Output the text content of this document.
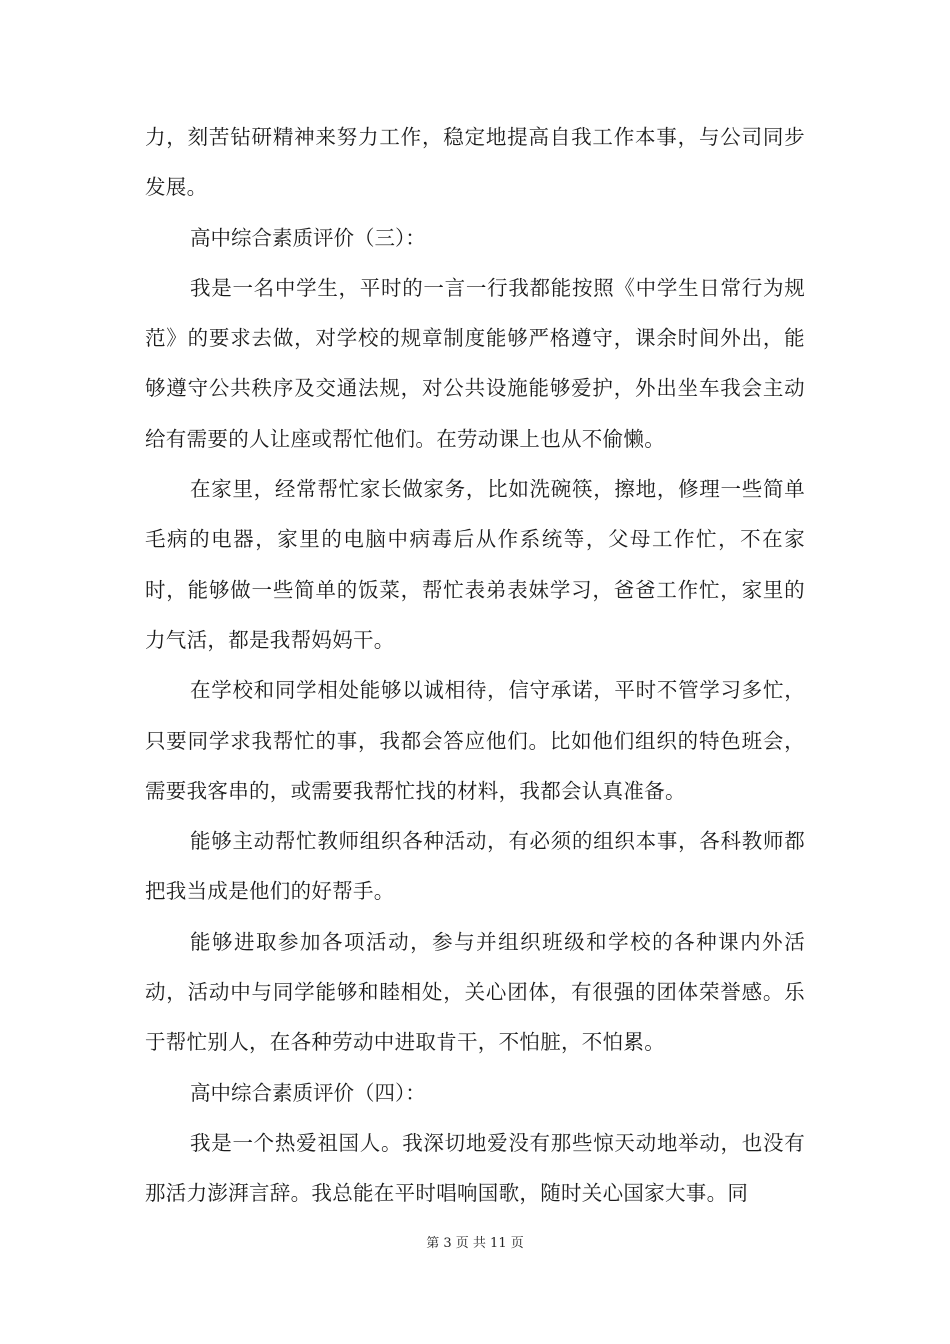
力，刻苦钻研精神来努力工作，稳定地提高自我工作本事，与公司同步发展。

高中综合素质评价（三）：

我是一名中学生，平时的一言一行我都能按照《中学生日常行为规范》的要求去做，对学校的规章制度能够严格遵守，课余时间外出，能够遵守公共秩序及交通法规，对公共设施能够爱护，外出坐车我会主动给有需要的人让座或帮忙他们。在劳动课上也从不偷懒。

在家里，经常帮忙家长做家务，比如洗碗筷，擦地，修理一些简单毛病的电器，家里的电脑中病毒后从作系统等，父母工作忙，不在家时，能够做一些简单的饭菜，帮忙表弟表妹学习，爸爸工作忙，家里的力气活，都是我帮妈妈干。

在学校和同学相处能够以诚相待，信守承诺，平时不管学习多忙，只要同学求我帮忙的事，我都会答应他们。比如他们组织的特色班会，需要我客串的，或需要我帮忙找的材料，我都会认真准备。

能够主动帮忙教师组织各种活动，有必须的组织本事，各科教师都把我当成是他们的好帮手。

能够进取参加各项活动，参与并组织班级和学校的各种课内外活动，活动中与同学能够和睦相处，关心团体，有很强的团体荣誉感。乐于帮忙别人，在各种劳动中进取肯干，不怕脏，不怕累。

高中综合素质评价（四）：

我是一个热爱祖国人。我深切地爱没有那些惊天动地举动，也没有那活力澎湃言辞。我总能在平时唱响国歌，随时关心国家大事。同

第 3 页 共 11 页
